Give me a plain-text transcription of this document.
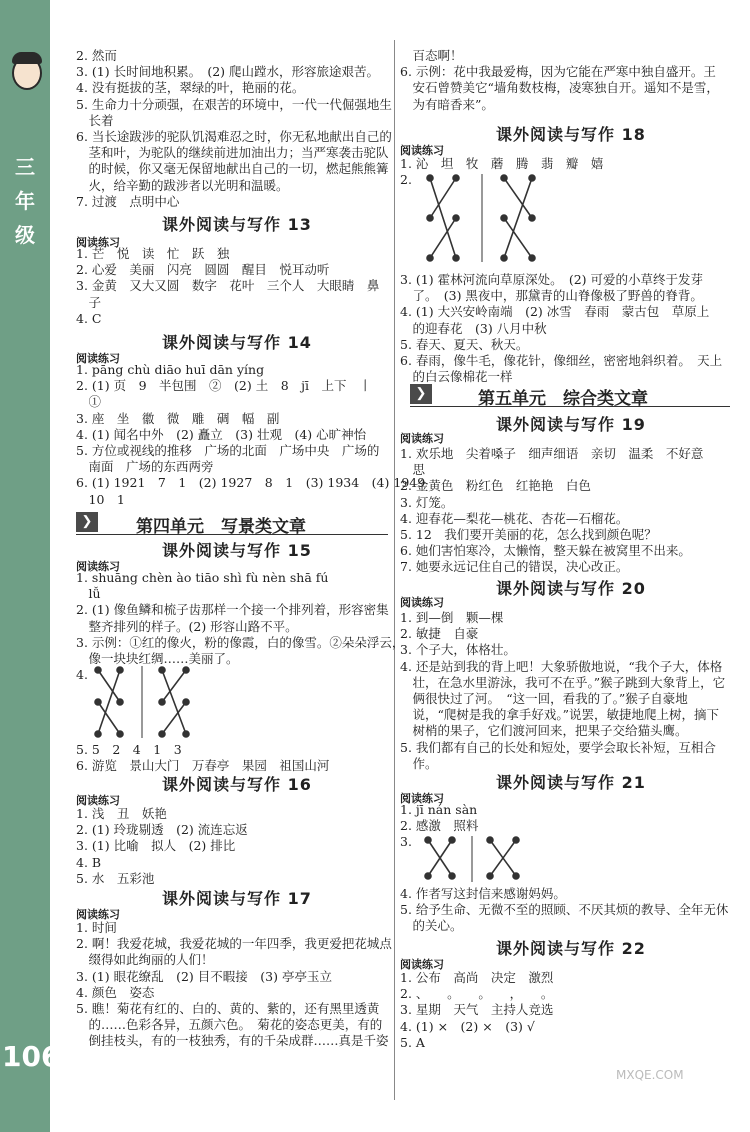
三
年
级
106
2. 然而
3. (1) 长时间地积累。　(2) 爬山蹚水，形容旅途艰苦。
4. 没有挺拔的茎，翠绿的叶，艳丽的花。
5. 生命力十分顽强，在艰苦的环境中，一代一代倔强地生
　长着
6. 当长途跋涉的驼队饥渴难忍之时，你无私地献出自己的
　茎和叶，为驼队的继续前进加油出力；当严寒袭击驼队
　的时候，你又毫无保留地献出自己的一切，燃起熊熊篝
　火，给辛勤的跋涉者以光明和温暖。
7. 过渡　点明中心
课外阅读与写作 13
阅读练习
1. 芒　悦　读　忙　跃　独
2. 心爱　美丽　闪亮　圆圆　醒目　悦耳动听
3. 金黄　又大又圆　数字　花叶　三个人　大眼睛　鼻
　子
4. C
课外阅读与写作 14
阅读练习
1. pāng chù diāo huī dān yíng
2. (1) 页　9　半包围　②　(2) 土　8　jī　上下　丨
　①
3. 座　坐　徽　微　雕　碉　幅　副
4. (1) 闻名中外　(2) 矗立　(3) 壮观　(4) 心旷神怡
5. 方位或视线的推移　广场的北面　广场中央　广场的
　南面　广场的东西两旁
6. (1) 1921　7　1　(2) 1927　8　1　(3) 1934　(4) 1949
　10　1
❯	第四单元　写景类文章
课外阅读与写作 15
阅读练习
1. shuāng chèn ào tiāo shì fù nèn shā fú
　lǚ
2. (1) 像鱼鳞和梳子齿那样一个接一个排列着，形容密集
　整齐排列的样子。(2) 形容山路不平。
3. 示例：①红的像火，粉的像霞，白的像雪。②朵朵浮云，
　像一块块红绸……美丽了。
4.
5. 5　2　4　1　3
6. 游览　景山大门　万春亭　果园　祖国山河
课外阅读与写作 16
阅读练习
1. 浅　丑　妖艳
2. (1) 玲珑剔透　(2) 流连忘返
3. (1) 比喻　拟人　(2) 排比
4. B
5. 水　五彩池
课外阅读与写作 17
阅读练习
1. 时间
2. 啊！我爱花城，我爱花城的一年四季，我更爱把花城点
　缀得如此绚丽的人们！
3. (1) 眼花缭乱　(2) 目不暇接　(3) 亭亭玉立
4. 颜色　姿态
5. 瞧！菊花有红的、白的、黄的、紫的，还有黑里透黄
　的……色彩各异，五颜六色。　菊花的姿态更美，有的
　倒挂枝头，有的一枝独秀，有的千朵成群……真是千姿
　百态啊！
6. 示例：花中我最爱梅，因为它能在严寒中独自盛开。王
　安石曾赞美它“墙角数枝梅，凌寒独自开。遥知不是雪，
　为有暗香来”。
课外阅读与写作 18
阅读练习
1. 沁　坦　牧　蘑　腾　翡　瓣　嬉
2.
3. (1) 霍林河流向草原深处。　(2) 可爱的小草终于发芽
　了。　(3) 黑夜中，那黛青的山脊像极了野兽的脊背。
4. (1) 大兴安岭南端　(2) 冰雪　春雨　蒙古包　草原上
　的迎春花　(3) 八月中秋
5. 春天、夏天、秋天。
6. 春雨，像牛毛，像花针，像细丝，密密地斜织着。　天上
　的白云像棉花一样
❯	第五单元　综合类文章
课外阅读与写作 19
阅读练习
1. 欢乐地　尖着嗓子　细声细语　亲切　温柔　不好意
　思
2. 金黄色　粉红色　红艳艳　白色
3. 灯笼。
4. 迎春花—梨花—桃花、杏花—石榴花。
5. 12　我们要开美丽的花，怎么找到颜色呢？
6. 她们害怕寒冷，太懒惰，整天躲在被窝里不出来。
7. 她要永远记住自己的错误，决心改正。
课外阅读与写作 20
阅读练习
1. 到—倒　颗—棵
2. 敏捷　自豪
3. 个子大，体格壮。
4. 还是站到我的背上吧！大象骄傲地说，“我个子大，体格
　壮，在急水里游泳，我可不在乎。”猴子跳到大象背上，它
　俩很快过了河。　“这一回，看我的了。”猴子自豪地
　说，“爬树是我的拿手好戏。”说罢，敏捷地爬上树，摘下
　树梢的果子，它们渡河回来，把果子交给猫头鹰。
5. 我们都有自己的长处和短处，要学会取长补短，互相合
　作。
课外阅读与写作 21
阅读练习
1. jī nán sàn
2. 感激　照料
3.
4. 作者写这封信来感谢妈妈。
5. 给予生命、无微不至的照顾、不厌其烦的教导、全年无休
　的关心。
课外阅读与写作 22
阅读练习
1. 公布　高尚　决定　激烈
2. 、　　。　　。　　，　　。
3. 星期　天气　主持人竞选
4. (1) ×　(2) ×　(3) √
5. A
MXQE.COM
